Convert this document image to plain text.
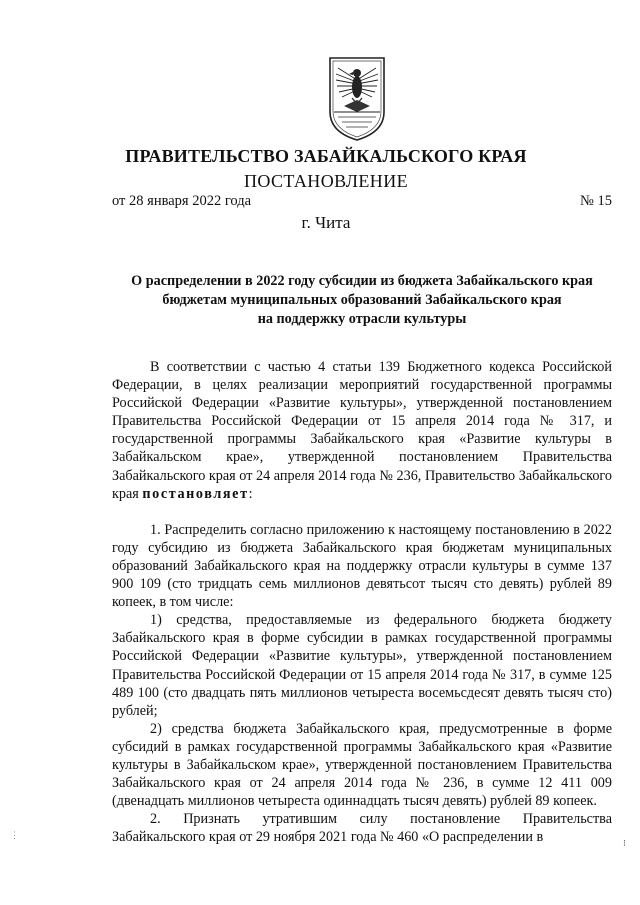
ПРАВИТЕЛЬСТВО ЗАБАЙКАЛЬСКОГО КРАЯ
ПОСТАНОВЛЕНИЕ
от 28 января 2022 года	№ 15
г. Чита
О распределении в 2022 году субсидии из бюджета Забайкальского края
бюджетам муниципальных образований Забайкальского края
на поддержку отрасли культуры

В соответствии с частью 4 статьи 139 Бюджетного кодекса Российской Федерации, в целях реализации мероприятий государственной программы Российской Федерации «Развитие культуры», утвержденной постановлением Правительства Российской Федерации от 15 апреля 2014 года № 317, и государственной программы Забайкальского края «Развитие культуры в Забайкальском крае», утвержденной постановлением Правительства Забайкальского края от 24 апреля 2014 года № 236, Правительство Забайкальского края постановляет:

1. Распределить согласно приложению к настоящему постановлению в 2022 году субсидию из бюджета Забайкальского края бюджетам муниципальных образований Забайкальского края на поддержку отрасли культуры в сумме 137 900 109 (сто тридцать семь миллионов девятьсот тысяч сто девять) рублей 89 копеек, в том числе:

1) средства, предоставляемые из федерального бюджета бюджету Забайкальского края в форме субсидии в рамках государственной программы Российской Федерации «Развитие культуры», утвержденной постановлением Правительства Российской Федерации от 15 апреля 2014 года № 317, в сумме 125 489 100 (сто двадцать пять миллионов четыреста восемьсдесят девять тысяч сто) рублей;

2) средства бюджета Забайкальского края, предусмотренные в форме субсидий в рамках государственной программы Забайкальского края «Развитие культуры в Забайкальском крае», утвержденной постановлением Правительства Забайкальского края от 24 апреля 2014 года № 236, в сумме 12 411 009 (двенадцать миллионов четыреста одиннадцать тысяч девять) рублей 89 копеек.

2. Признать утратившим силу постановление Правительства Забайкальского края от 29 ноября 2021 года № 460 «О распределении в

⋮
⁝
